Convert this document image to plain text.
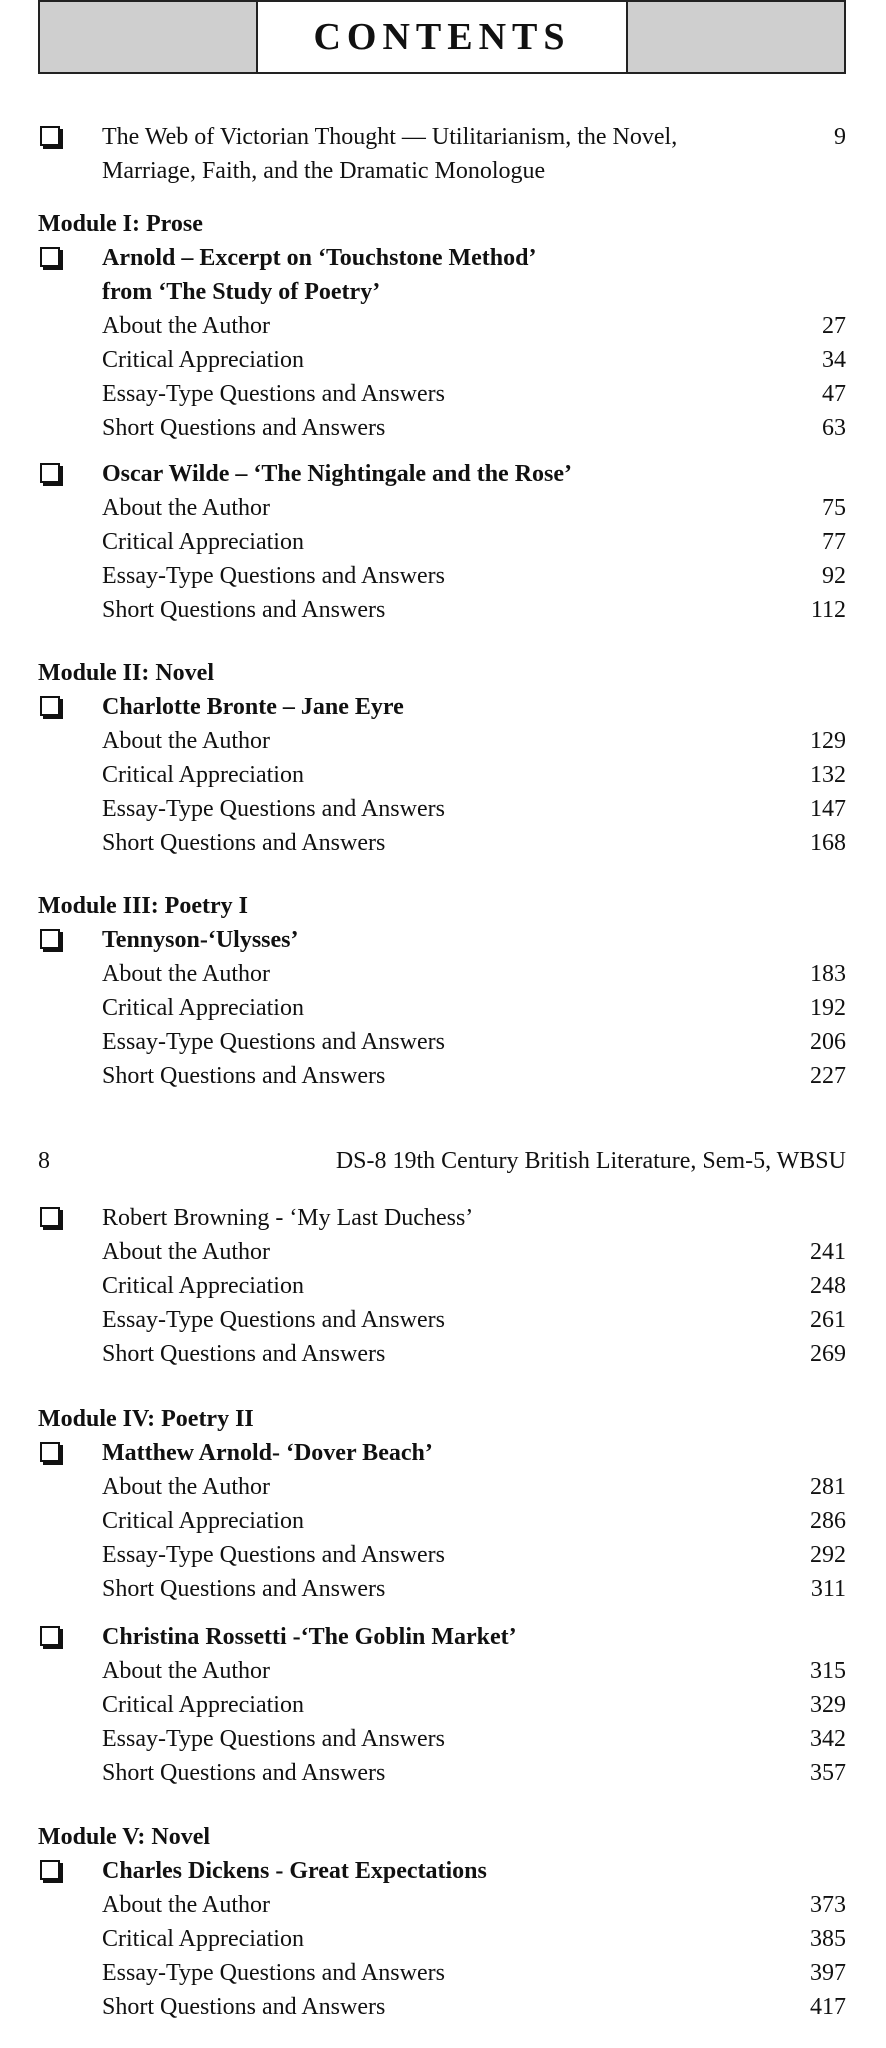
CONTENTS
The Web of Victorian Thought — Utilitarianism, the Novel,	9
Marriage, Faith, and the Dramatic Monologue
Module I: Prose
Arnold – Excerpt on ‘Touchstone Method’
from ‘The Study of Poetry’
About the Author	27
Critical Appreciation	34
Essay-Type Questions and Answers	47
Short Questions and Answers	63
Oscar Wilde – ‘The Nightingale and the Rose’
About the Author	75
Critical Appreciation	77
Essay-Type Questions and Answers	92
Short Questions and Answers	112
Module II: Novel
Charlotte Bronte – Jane Eyre
About the Author	129
Critical Appreciation	132
Essay-Type Questions and Answers	147
Short Questions and Answers	168
Module III: Poetry I
Tennyson-‘Ulysses’
About the Author	183
Critical Appreciation	192
Essay-Type Questions and Answers	206
Short Questions and Answers	227
8	DS-8 19th Century British Literature, Sem-5, WBSU
Robert Browning - ‘My Last Duchess’
About the Author	241
Critical Appreciation	248
Essay-Type Questions and Answers	261
Short Questions and Answers	269
Module IV: Poetry II
Matthew Arnold- ‘Dover Beach’
About the Author	281
Critical Appreciation	286
Essay-Type Questions and Answers	292
Short Questions and Answers	311
Christina Rossetti -‘The Goblin Market’
About the Author	315
Critical Appreciation	329
Essay-Type Questions and Answers	342
Short Questions and Answers	357
Module V: Novel
Charles Dickens - Great Expectations
About the Author	373
Critical Appreciation	385
Essay-Type Questions and Answers	397
Short Questions and Answers	417
